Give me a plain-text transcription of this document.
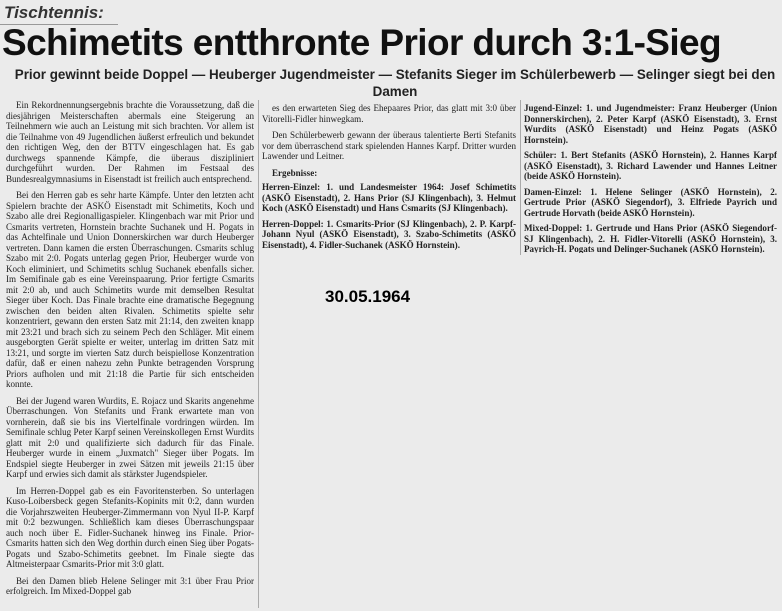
Tischtennis:
Schimetits entthronte Prior durch 3:1-Sieg
Prior gewinnt beide Doppel — Heuberger Jugendmeister — Stefanits Sieger im Schülerbewerb — Selinger siegt bei den Damen

Ein Rekordnennungsergebnis brachte die Voraussetzung, daß die diesjährigen Meisterschaften abermals eine Steigerung an Teilnehmern wie auch an Leistung mit sich brachten. Vor allem ist die Teilnahme von 49 Jugendlichen äußerst erfreulich und bekundet den richtigen Weg, den der BTTV eingeschlagen hat. Es gab durchwegs spannende Kämpfe, die überaus diszipliniert durchgeführt wurden. Der Rahmen im Festsaal des Bundesrealgymnasiums in Eisenstadt ist freilich auch entsprechend.

Bei den Herren gab es sehr harte Kämpfe. Unter den letzten acht Spielern brachte der ASKÖ Eisenstadt mit Schimetits, Koch und Szabo alle drei Regionalligaspieler. Klingenbach war mit Prior und Csmarits vertreten, Hornstein brachte Suchanek und H. Pogats in das Achtelfinale und Union Donnerskirchen war durch Heuberger vertreten. Dann kamen die ersten Überraschungen. Csmarits schlug Szabo mit 2:0. Pogats unterlag gegen Prior, Heuberger wurde von Koch eliminiert, und Schimetits schlug Suchanek ebenfalls sicher. Im Semifinale gab es eine Vereinspaarung. Prior fertigte Csmarits mit 2:0 ab, und auch Schimetits wurde mit demselben Resultat Sieger über Koch. Das Finale brachte eine dramatische Begegnung zwischen den beiden alten Rivalen. Schimetits spielte sehr konzentriert, gewann den ersten Satz mit 21:14, den zweiten knapp mit 23:21 und brach sich zu seinem Pech den Schläger. Mit einem ausgeborgten Gerät spielte er weiter, unterlag im dritten Satz mit 13:21, und sorgte im vierten Satz durch beispiellose Konzentration dafür, daß er einen nahezu zehn Punkte betragenden Vorsprung Priors aufholen und mit 21:18 die Partie für sich entscheiden konnte.

Bei der Jugend waren Wurdits, E. Rojacz und Skarits angenehme Überraschungen. Von Stefanits und Frank erwartete man von vornherein, daß sie bis ins Viertelfinale vordringen würden. Im Semifinale schlug Peter Karpf seinen Vereinskollegen Ernst Wurdits glatt mit 2:0 und qualifizierte sich dadurch für das Finale. Heuberger wurde in einem „Juxmatch" Sieger über Pogats. Im Endspiel siegte Heuberger in zwei Sätzen mit jeweils 21:15 über Karpf und erwies sich damit als stärkster Jugendspieler.

Im Herren-Doppel gab es ein Favoritensterben. So unterlagen Kuso-Loibersbeck gegen Stefanits-Kopinits mit 0:2, dann wurden die Vorjahrszweiten Heuberger-Zimmermann von Nyul II-P. Karpf mit 0:2 bezwungen. Schließlich kam dieses Überraschungspaar auch noch über E. Fidler-Suchanek hinweg ins Finale. Prior-Csmarits hatten sich den Weg dorthin durch einen Sieg über Pogats-Pogats und Szabo-Schimetits geebnet. Im Finale siegte das Altmeisterpaar Csmarits-Prior mit 3:0 glatt.

Bei den Damen blieb Helene Selinger mit 3:1 über Frau Prior erfolgreich. Im Mixed-Doppel gab

es den erwarteten Sieg des Ehepaares Prior, das glatt mit 3:0 über Vitorelli-Fidler hinwegkam.

Den Schülerbewerb gewann der überaus talentierte Berti Stefanits vor dem überraschend stark spielenden Hannes Karpf. Dritter wurden Lawender und Leitner.

Ergebnisse:

Herren-Einzel: 1. und Landesmeister 1964: Josef Schimetits (ASKÖ Eisenstadt), 2. Hans Prior (SJ Klingenbach), 3. Helmut Koch (ASKÖ Eisenstadt) und Hans Csmarits (SJ Klingenbach).

Herren-Doppel: 1. Csmarits-Prior (SJ Klingenbach), 2. P. Karpf-Johann Nyul (ASKÖ Eisenstadt), 3. Szabo-Schimetits (ASKÖ Eisenstadt), 4. Fidler-Suchanek (ASKÖ Hornstein).

Jugend-Einzel: 1. und Jugendmeister: Franz Heuberger (Union Donnerskirchen), 2. Peter Karpf (ASKÖ Eisenstadt), 3. Ernst Wurdits (ASKÖ Eisenstadt) und Heinz Pogats (ASKÖ Hornstein).

Schüler: 1. Bert Stefanits (ASKÖ Hornstein), 2. Hannes Karpf (ASKÖ Eisenstadt), 3. Richard Lawender und Hannes Leitner (beide ASKÖ Hornstein).

Damen-Einzel: 1. Helene Selinger (ASKÖ Hornstein), 2. Gertrude Prior (ASKÖ Siegendorf), 3. Elfriede Payrich und Gertrude Horvath (beide ASKÖ Hornstein).

Mixed-Doppel: 1. Gertrude und Hans Prior (ASKÖ Siegendorf-SJ Klingenbach), 2. H. Fidler-Vitorelli (ASKÖ Hornstein), 3. Payrich-H. Pogats und Delinger-Suchanek (ASKÖ Hornstein).

30.05.1964
